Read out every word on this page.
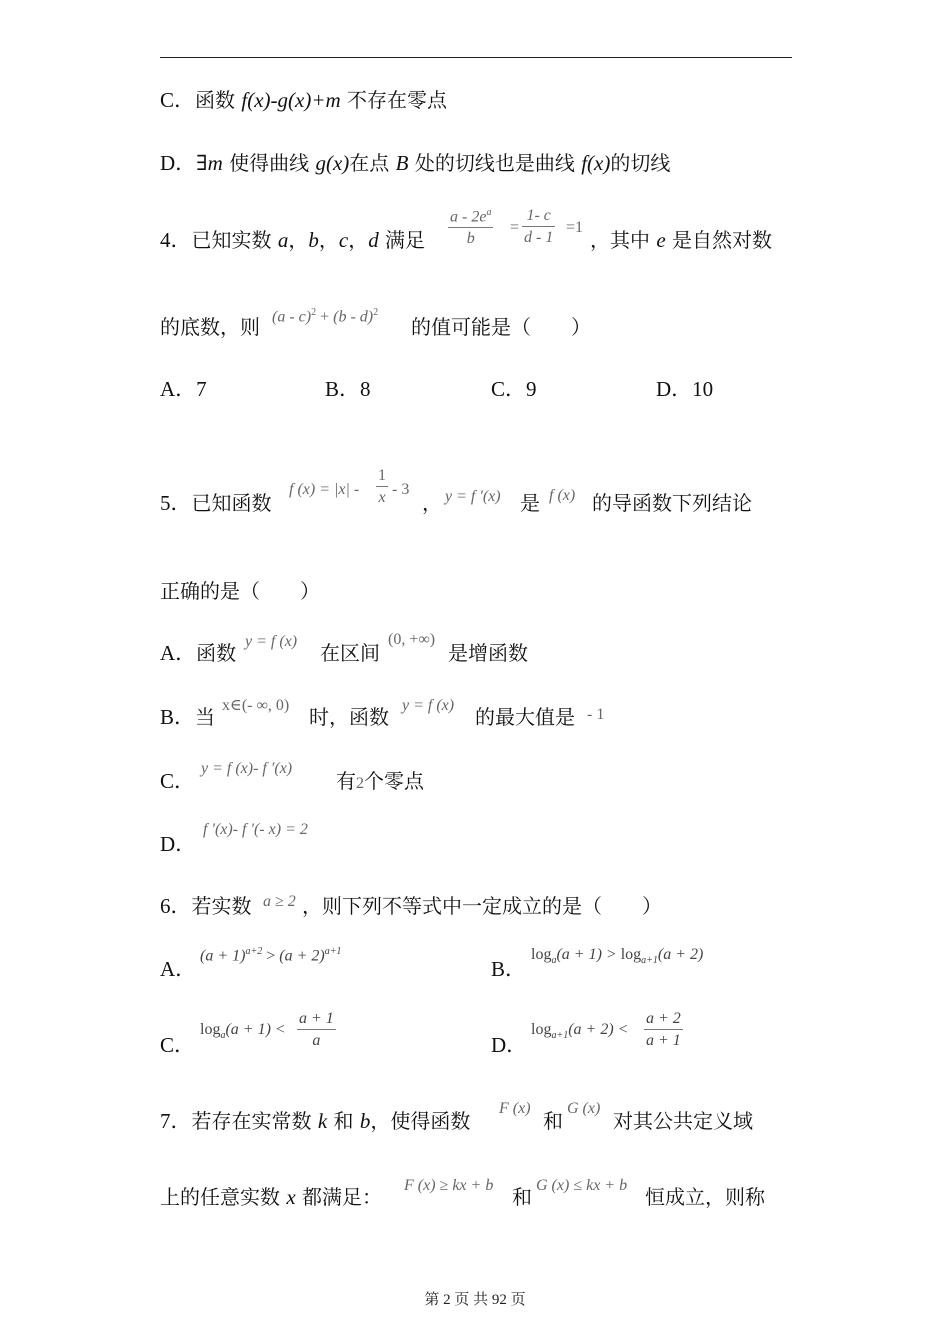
C．函数 f(x)-g(x)+m 不存在零点
D．∃m 使得曲线 g(x)在点 B 处的切线也是曲线 f(x)的切线
4．已知实数 a，b，c，d 满足 $\frac{a - 2e^a}{b} = \frac{1- c}{d - 1} =1$
，其中 e 是自然对数
的底数，则 (a - c)$^2$ + (b - d)$^2$
的值可能是（　　）
A．7	B．8	C．9	D．10
5．已知函数
f $(x) = |x| - \frac{1}{x} - 3$
， y = f ′(x) 是 f (x) 的导函数下列结论
正确的是（　　）
A．函数 y = f (x) 在区间
(0, +∞)
是增函数
B．当 x∈(- ∞, 0) 时，函数 y = f (x) 的最大值是 - 1
C．
y = f (x)- f ′(x)
有2个零点
D．
f ′(x)- f ′(- x) = 2
6．若实数 a ≥ 2 ，则下列不等式中一定成立的是（　　）
A．
$(a + 1)^{a+2} > (a + 2)^{a+1}$
B．
$\log_a(a + 1) > \log_{a+1}(a + 2)$
C．
$\log_a(a + 1) < \frac{a + 1}{a}$	D．
$\log_{a+1}(a + 2) < \frac{a + 2}{a + 1}$
7．若存在实常数 k 和 b，使得函数
F (x)
和
G (x)
对其公共定义域
上的任意实数 x 都满足： F (x) ≥ kx + b 和 G (x) ≤ kx + b 恒成立，则称
第 2 页 共 92 页
